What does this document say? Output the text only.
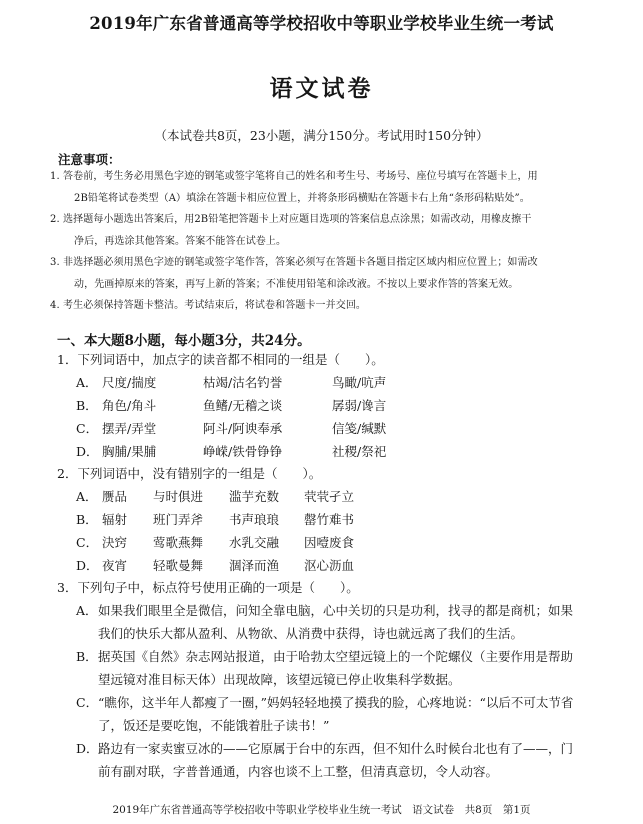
2019年广东省普通高等学校招收中等职业学校毕业生统一考试
语文试卷
（本试卷共8页，23小题，满分150分。考试用时150分钟）
注意事项：
1. 答卷前，考生务必用黑色字迹的钢笔或签字笔将自己的姓名和考生号、考场号、座位号填写在答题卡上，用
2B铅笔将试卷类型（A）填涂在答题卡相应位置上，并将条形码横贴在答题卡右上角“条形码粘贴处”。
2. 选择题每小题选出答案后，用2B铅笔把答题卡上对应题目选项的答案信息点涂黑；如需改动，用橡皮擦干
净后，再选涂其他答案。答案不能答在试卷上。
3. 非选择题必须用黑色字迹的钢笔或签字笔作答，答案必须写在答题卡各题目指定区域内相应位置上；如需改
动，先画掉原来的答案，再写上新的答案；不准使用铅笔和涂改液。不按以上要求作答的答案无效。
4. 考生必须保持答题卡整洁。考试结束后，将试卷和答题卡一并交回。
一、本大题8小题，每小题3分，共24分。
1．下列词语中，加点字的读音都不相同的一组是（　　）。
A． 尺度/揣度	枯竭/沽名钓誉	鸟瞰/吭声
B． 角色/角斗	鱼鳍/无稽之谈	孱弱/谗言
C． 摆弄/弄堂	阿斗/阿谀奉承	信笺/缄默
D． 胸脯/果脯	峥嵘/铁骨铮铮	社稷/祭祀
2．下列词语中，没有错别字的一组是（　　）。
A． 赝品 与时俱进 滥芋充数 茕茕孑立
B． 辐射 班门弄斧 书声琅琅 罄竹难书
C． 決窍 莺歌燕舞 水乳交融 因噎废食
D． 夜宵 轻歌曼舞 涸泽而渔 沤心沥血
3．下列句子中，标点符号使用正确的一项是（　　）。
A． 如果我们眼里全是微信，问知全靠电脑，心中关切的只是功利，找寻的都是商机；如果
我们的快乐大都从盈利、从物欲、从消费中获得，诗也就远离了我们的生活。
B． 据英国《自然》杂志网站报道，由于哈勃太空望远镜上的一个陀螺仪（主要作用是帮助
望远镜对准目标天体）出现故障，该望远镜已停止收集科学数据。
C． “瞧你，这半年人都瘦了一圈，”妈妈轻轻地摸了摸我的脸，心疼地说：“以后不可太节省
了，饭还是要吃饱，不能饿着肚子读书！”
D． 路边有一家卖蜜豆冰的——它原属于台中的东西，但不知什么时候台北也有了——，门
前有副对联，字普普通通，内容也谈不上工整，但清真意切，令人动容。
2019年广东省普通高等学校招收中等职业学校毕业生统一考试　语文试卷　共8页　第1页
